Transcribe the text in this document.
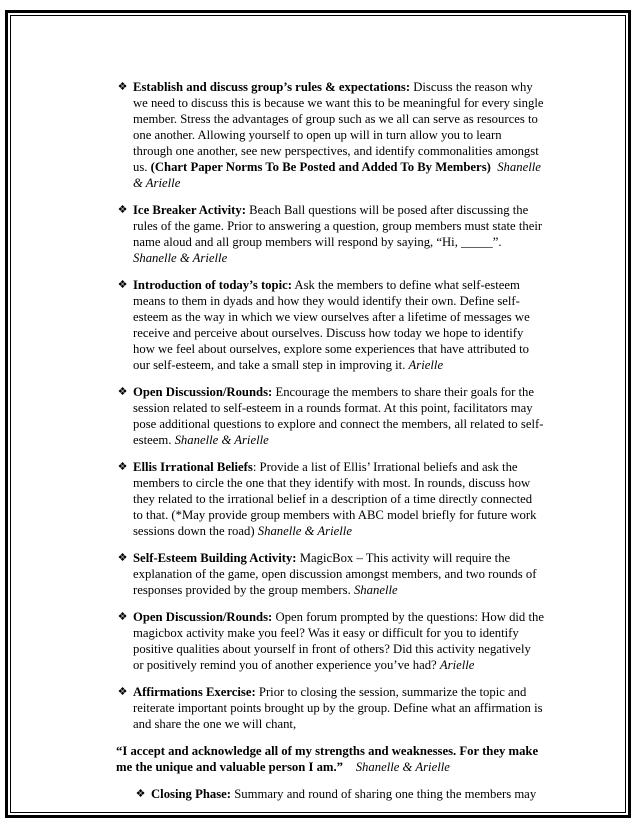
❖ Establish and discuss group’s rules & expectations: Discuss the reason why we need to discuss this is because we want this to be meaningful for every single member. Stress the advantages of group such as we all can serve as resources to one another. Allowing yourself to open up will in turn allow you to learn through one another, see new perspectives, and identify commonalities amongst us. (Chart Paper Norms To Be Posted and Added To By Members) Shanelle & Arielle
❖ Ice Breaker Activity: Beach Ball questions will be posed after discussing the rules of the game. Prior to answering a question, group members must state their name aloud and all group members will respond by saying, “Hi, _____”. Shanelle & Arielle
❖ Introduction of today’s topic: Ask the members to define what self-esteem means to them in dyads and how they would identify their own. Define self-esteem as the way in which we view ourselves after a lifetime of messages we receive and perceive about ourselves. Discuss how today we hope to identify how we feel about ourselves, explore some experiences that have attributed to our self-esteem, and take a small step in improving it. Arielle
❖ Open Discussion/Rounds: Encourage the members to share their goals for the session related to self-esteem in a rounds format. At this point, facilitators may pose additional questions to explore and connect the members, all related to self-esteem. Shanelle & Arielle
❖ Ellis Irrational Beliefs: Provide a list of Ellis’ Irrational beliefs and ask the members to circle the one that they identify with most. In rounds, discuss how they related to the irrational belief in a description of a time directly connected to that. (*May provide group members with ABC model briefly for future work sessions down the road) Shanelle & Arielle
❖ Self-Esteem Building Activity: MagicBox – This activity will require the explanation of the game, open discussion amongst members, and two rounds of responses provided by the group members. Shanelle
❖ Open Discussion/Rounds: Open forum prompted by the questions: How did the magicbox activity make you feel? Was it easy or difficult for you to identify positive qualities about yourself in front of others? Did this activity negatively or positively remind you of another experience you’ve had? Arielle
❖ Affirmations Exercise: Prior to closing the session, summarize the topic and reiterate important points brought up by the group. Define what an affirmation is and share the one we will chant,
“I accept and acknowledge all of my strengths and weaknesses. For they make me the unique and valuable person I am.” Shanelle & Arielle
❖ Closing Phase: Summary and round of sharing one thing the members may
